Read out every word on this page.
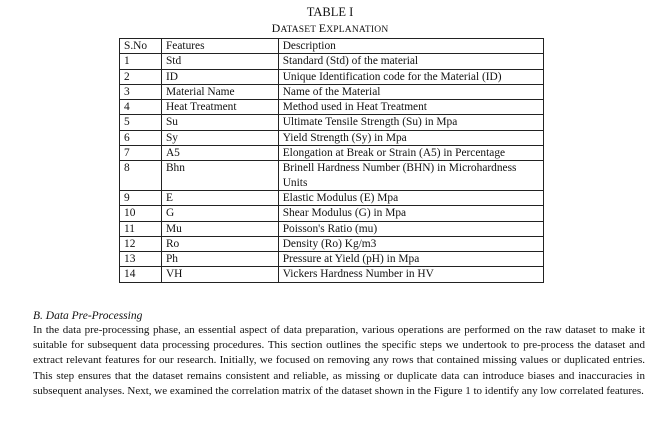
TABLE I
DATASET EXPLANATION
S.No	Features	Description
1	Std	Standard (Std) of the material
2	ID	Unique Identification code for the Material (ID)
3	Material Name	Name of the Material
4	Heat Treatment	Method used in Heat Treatment
5	Su	Ultimate Tensile Strength (Su) in Mpa
6	Sy	Yield Strength (Sy) in Mpa
7	A5	Elongation at Break or Strain (A5) in Percentage
8	Bhn	Brinell Hardness Number (BHN) in Microhardness Units
9	E	Elastic Modulus (E) Mpa
10	G	Shear Modulus (G) in Mpa
11	Mu	Poisson's Ratio (mu)
12	Ro	Density (Ro) Kg/m3
13	Ph	Pressure at Yield (pH) in Mpa
14	VH	Vickers Hardness Number in HV
B. Data Pre-Processing
In the data pre-processing phase, an essential aspect of data preparation, various operations are performed on the raw dataset to make it suitable for subsequent data processing procedures. This section outlines the specific steps we undertook to pre-process the dataset and extract relevant features for our research. Initially, we focused on removing any rows that contained missing values or duplicated entries. This step ensures that the dataset remains consistent and reliable, as missing or duplicate data can introduce biases and inaccuracies in subsequent analyses. Next, we examined the correlation matrix of the dataset shown in the Figure 1 to identify any low correlated features.
